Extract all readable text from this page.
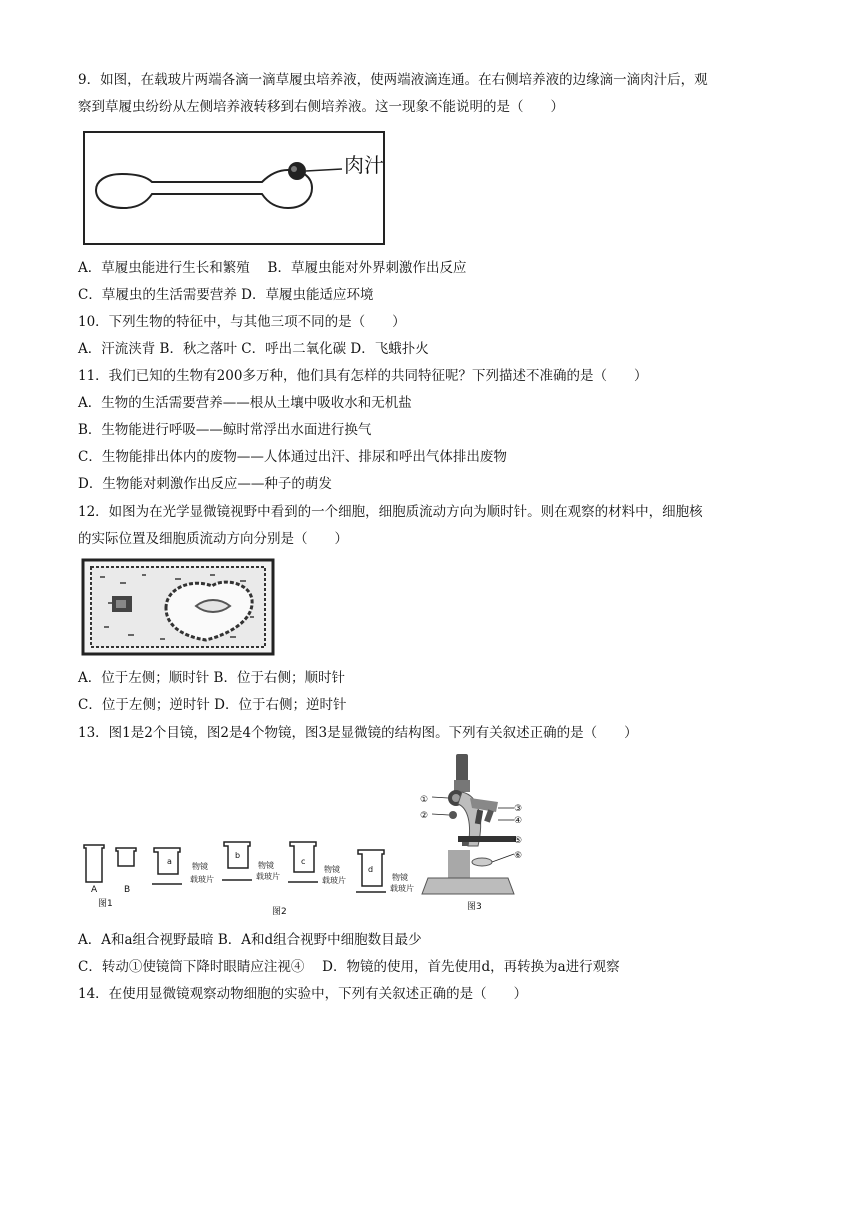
9．如图，在载玻片两端各滴一滴草履虫培养液，使两端液滴连通。在右侧培养液的边缘滴一滴肉汁后，观
察到草履虫纷纷从左侧培养液转移到右侧培养液。这一现象不能说明的是（　　）
肉汁
A．草履虫能进行生长和繁殖　 B．草履虫能对外界刺激作出反应
C．草履虫的生活需要营养 D．草履虫能适应环境
10．下列生物的特征中，与其他三项不同的是（　　）
A．汗流浃背 B．秋之落叶 C．呼出二氧化碳 D．飞蛾扑火
11．我们已知的生物有200多万种，他们具有怎样的共同特征呢？下列描述不准确的是（　　）
A．生物的生活需要营养——根从土壤中吸收水和无机盐
B．生物能进行呼吸——鲸时常浮出水面进行换气
C．生物能排出体内的废物——人体通过出汗、排尿和呼出气体排出废物
D．生物能对刺激作出反应——种子的萌发
12．如图为在光学显微镜视野中看到的一个细胞，细胞质流动方向为顺时针。则在观察的材料中，细胞核
的实际位置及细胞质流动方向分别是（　　）
A．位于左侧；顺时针 B．位于右侧；顺时针
C．位于左侧；逆时针 D．位于右侧；逆时针
13．图1是2个目镜，图2是4个物镜，图3是显微镜的结构图。下列有关叙述正确的是（　　）
A	B
图1
a
物镜
载玻片
b
物镜
载玻片
c
物镜
载玻片
d
物镜
载玻片
图2
①
②
③
④
⑤
⑥
图3
A．A和a组合视野最暗 B．A和d组合视野中细胞数目最少
C．转动①使镜筒下降时眼睛应注视④　 D．物镜的使用，首先使用d，再转换为a进行观察
14．在使用显微镜观察动物细胞的实验中，下列有关叙述正确的是（　　）
